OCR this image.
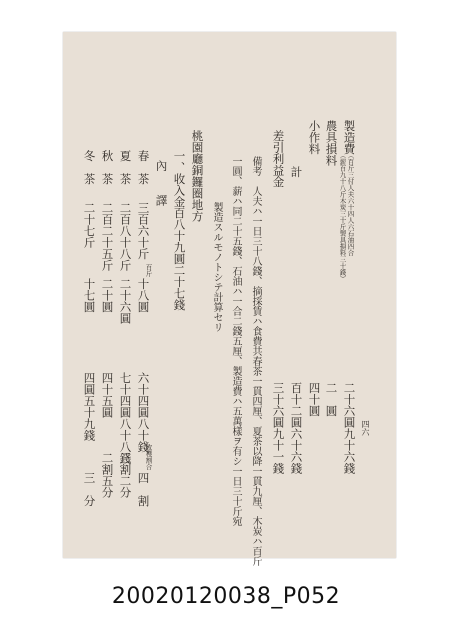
四六
製造費
（百斤三付人夫六十四人六石油四合
（薪百九十八斤木炭三十斤製具損料三十錢）
二十六圓九十六錢
農具損料
二　圓
小作料
四十圓
計
百十二圓六十六錢
差引利益金
三十六圓九十一錢
備考　人夫ハ一日三十八錢、摘採賃ハ食費共春茶一貫四厘、夏茶以降一貫九厘、木炭ハ百斤
一圓、薪ハ同二十五錢、石油ハ一合二錢五厘、製造費ハ五萬樣ヲ有シ一日三十斤宛
製造スルモノトシテ計算セリ
桃園廳銅鑼圈地方
一、收入金
百八十九圓二十七錢
內　　譯
春　茶
三百六十斤
百斤
十八圓
六十四圓八十錢
收穫割合
四　割
夏　茶
二百八十八斤
二十六圓
七十四圓八十八錢
三割二分
秋　茶
二百二十五斤
二十圓
四十五圓
二割五分
冬　茶
二十七斤
十七圓
四圓五十九錢
三　分
20020120038_P052
